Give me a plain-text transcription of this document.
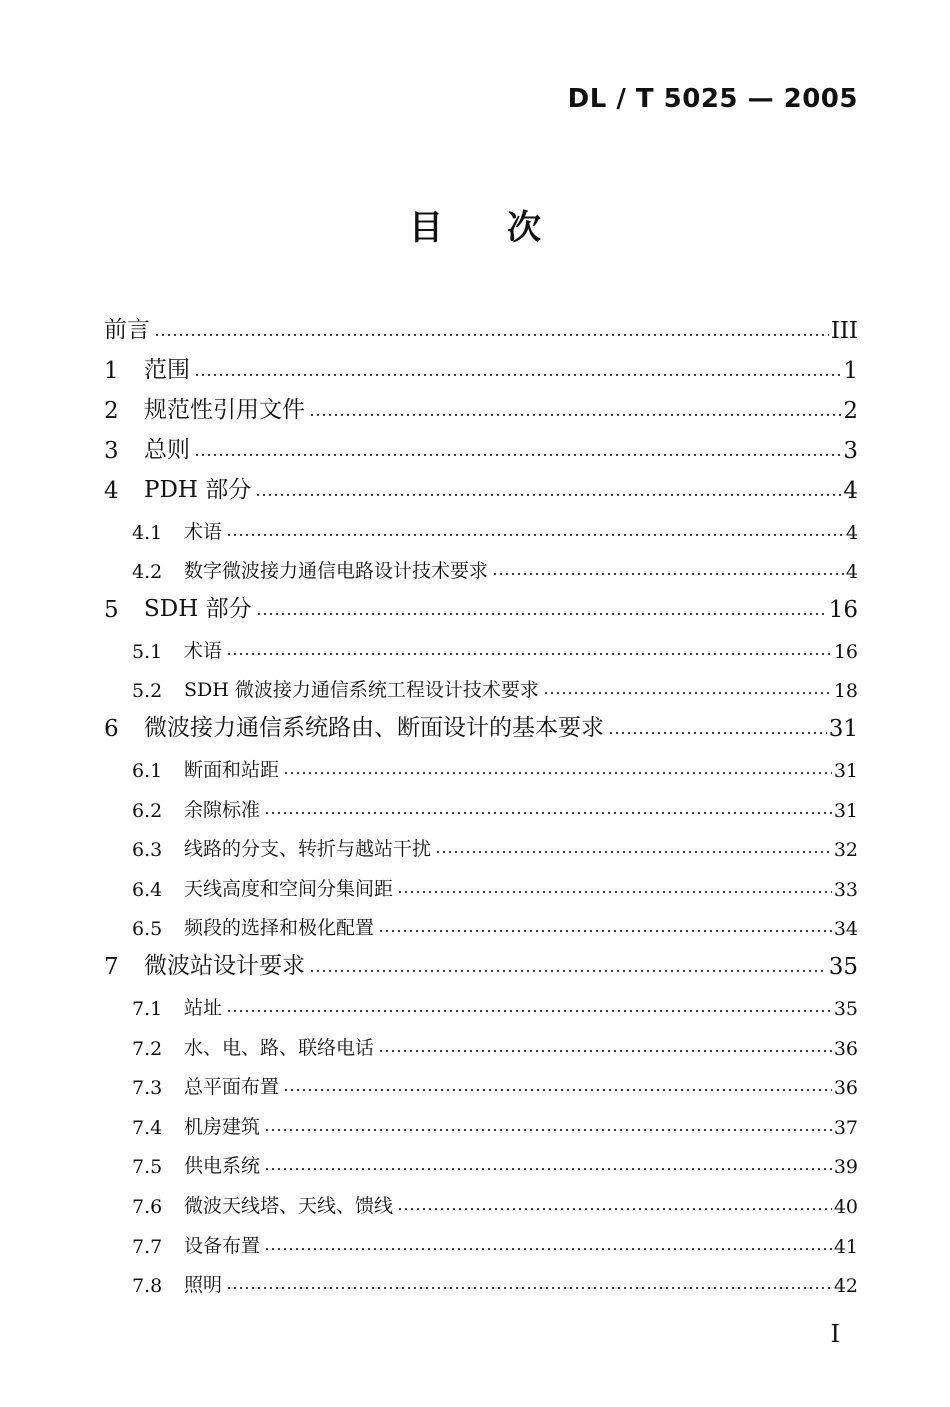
DL / T 5025 — 2005
目 次
前言	III
1	范围	1
2	规范性引用文件	2
3	总则	3
4	PDH 部分	4
4.1	术语	4
4.2	数字微波接力通信电路设计技术要求	4
5	SDH 部分	16
5.1	术语	16
5.2	SDH 微波接力通信系统工程设计技术要求	18
6	微波接力通信系统路由、断面设计的基本要求	31
6.1	断面和站距	31
6.2	余隙标准	31
6.3	线路的分支、转折与越站干扰	32
6.4	天线高度和空间分集间距	33
6.5	频段的选择和极化配置	34
7	微波站设计要求	35
7.1	站址	35
7.2	水、电、路、联络电话	36
7.3	总平面布置	36
7.4	机房建筑	37
7.5	供电系统	39
7.6	微波天线塔、天线、馈线	40
7.7	设备布置	41
7.8	照明	42
I
